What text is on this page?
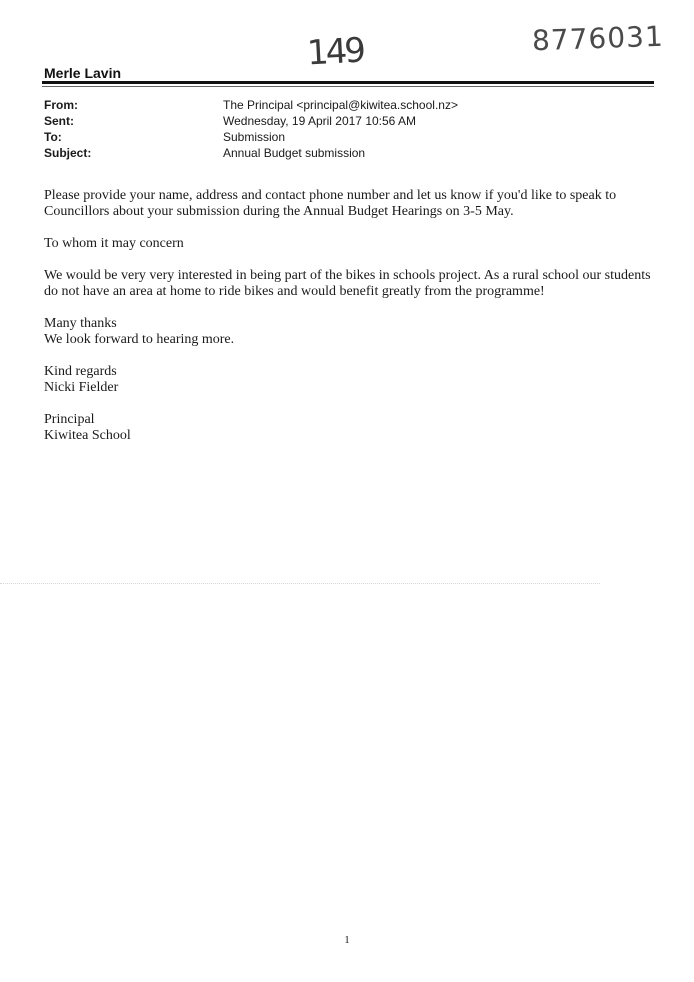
149	8776031
Merle Lavin
From:	The Principal <principal@kiwitea.school.nz>
Sent:	Wednesday, 19 April 2017 10:56 AM
To:	Submission
Subject:	Annual Budget submission

Please provide your name, address and contact phone number and let us know if you'd like to speak to
Councillors about your submission during the Annual Budget Hearings on 3-5 May.

To whom it may concern

We would be very very interested in being part of the bikes in schools project. As a rural school our students
do not have an area at home to ride bikes and would benefit greatly from the programme!

Many thanks
We look forward to hearing more.

Kind regards
Nicki Fielder

Principal
Kiwitea School

1
